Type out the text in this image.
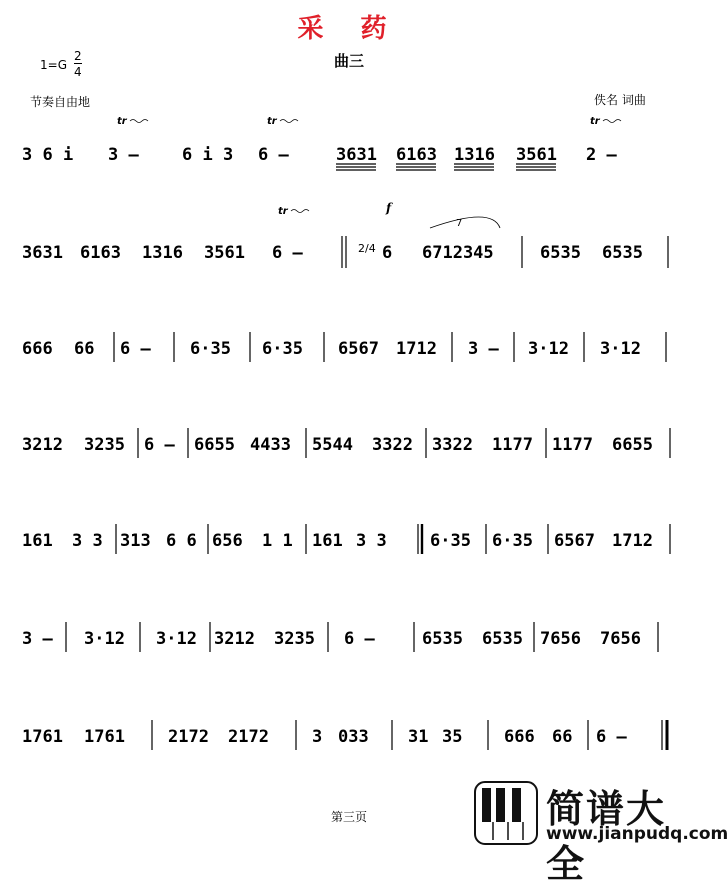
采 药
曲三
1=G
2
4
节奏自由地	佚名 词曲
tr	tr	tr
3 6 i 3 –	6 i 3 6 –	3631 6163 1316 3561 2 –
tr	f
7
3631 6163 1316 3561 6 –	2/4 6 6712345	6535 6535
666 66 6 – 6·35 6·35 6567 1712 3 – 3·12 3·12
3212 3235 6 – 6655 4433 5544 3322 3322 1177 1177 6655
161 3 3 313 6 6 656 1 1 161 3 3	6·35 6·35 6567 1712
3 – 3·12 3·12 3212 3235 6 –	6535 6535 7656 7656
1761 1761	2172 2172	3 033 31 35 666 66 6 –
第三页	简谱大全
www.jianpudq.com
